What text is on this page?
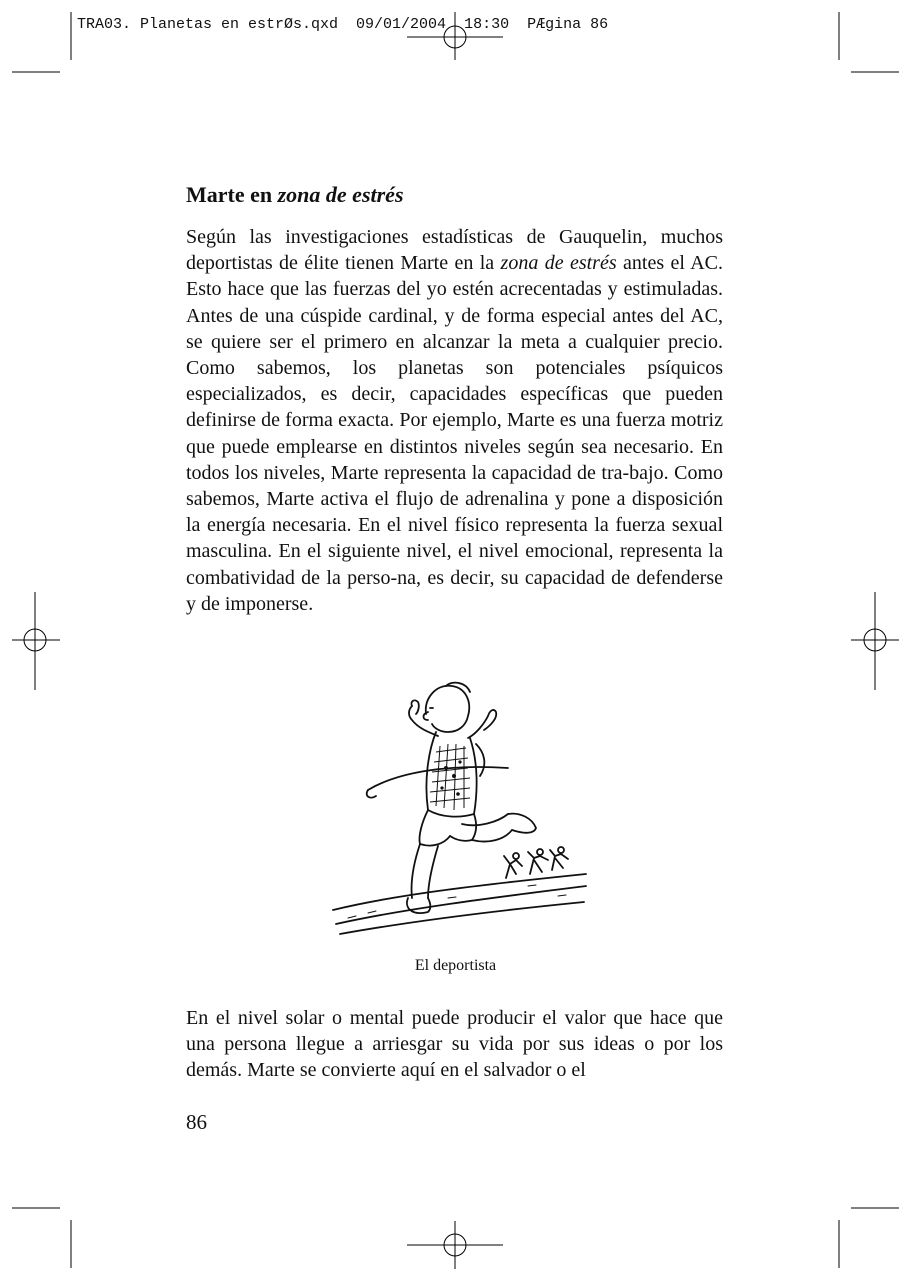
TRA03. Planetas en estrØs.qxd  09/01/2004  18:30  PÆgina 86
Marte en zona de estrés

Según las investigaciones estadísticas de Gauquelin, muchos deportistas de élite tienen Marte en la zona de estrés antes el AC. Esto hace que las fuerzas del yo estén acrecentadas y estimuladas. Antes de una cúspide cardinal, y de forma especial antes del AC, se quiere ser el primero en alcanzar la meta a cualquier precio. Como sabemos, los planetas son potenciales psíquicos especializados, es decir, capacidades específicas que pueden definirse de forma exacta. Por ejemplo, Marte es una fuerza motriz que puede emplearse en distintos niveles según sea necesario. En todos los niveles, Marte representa la capacidad de tra-bajo. Como sabemos, Marte activa el flujo de adrenalina y pone a disposición la energía necesaria. En el nivel físico representa la fuerza sexual masculina. En el siguiente nivel, el nivel emocional, representa la combatividad de la perso-na, es decir, su capacidad de defenderse y de imponerse.

El deportista

En el nivel solar o mental puede producir el valor que hace que una persona llegue a arriesgar su vida por sus ideas o por los demás. Marte se convierte aquí en el salvador o el

86
